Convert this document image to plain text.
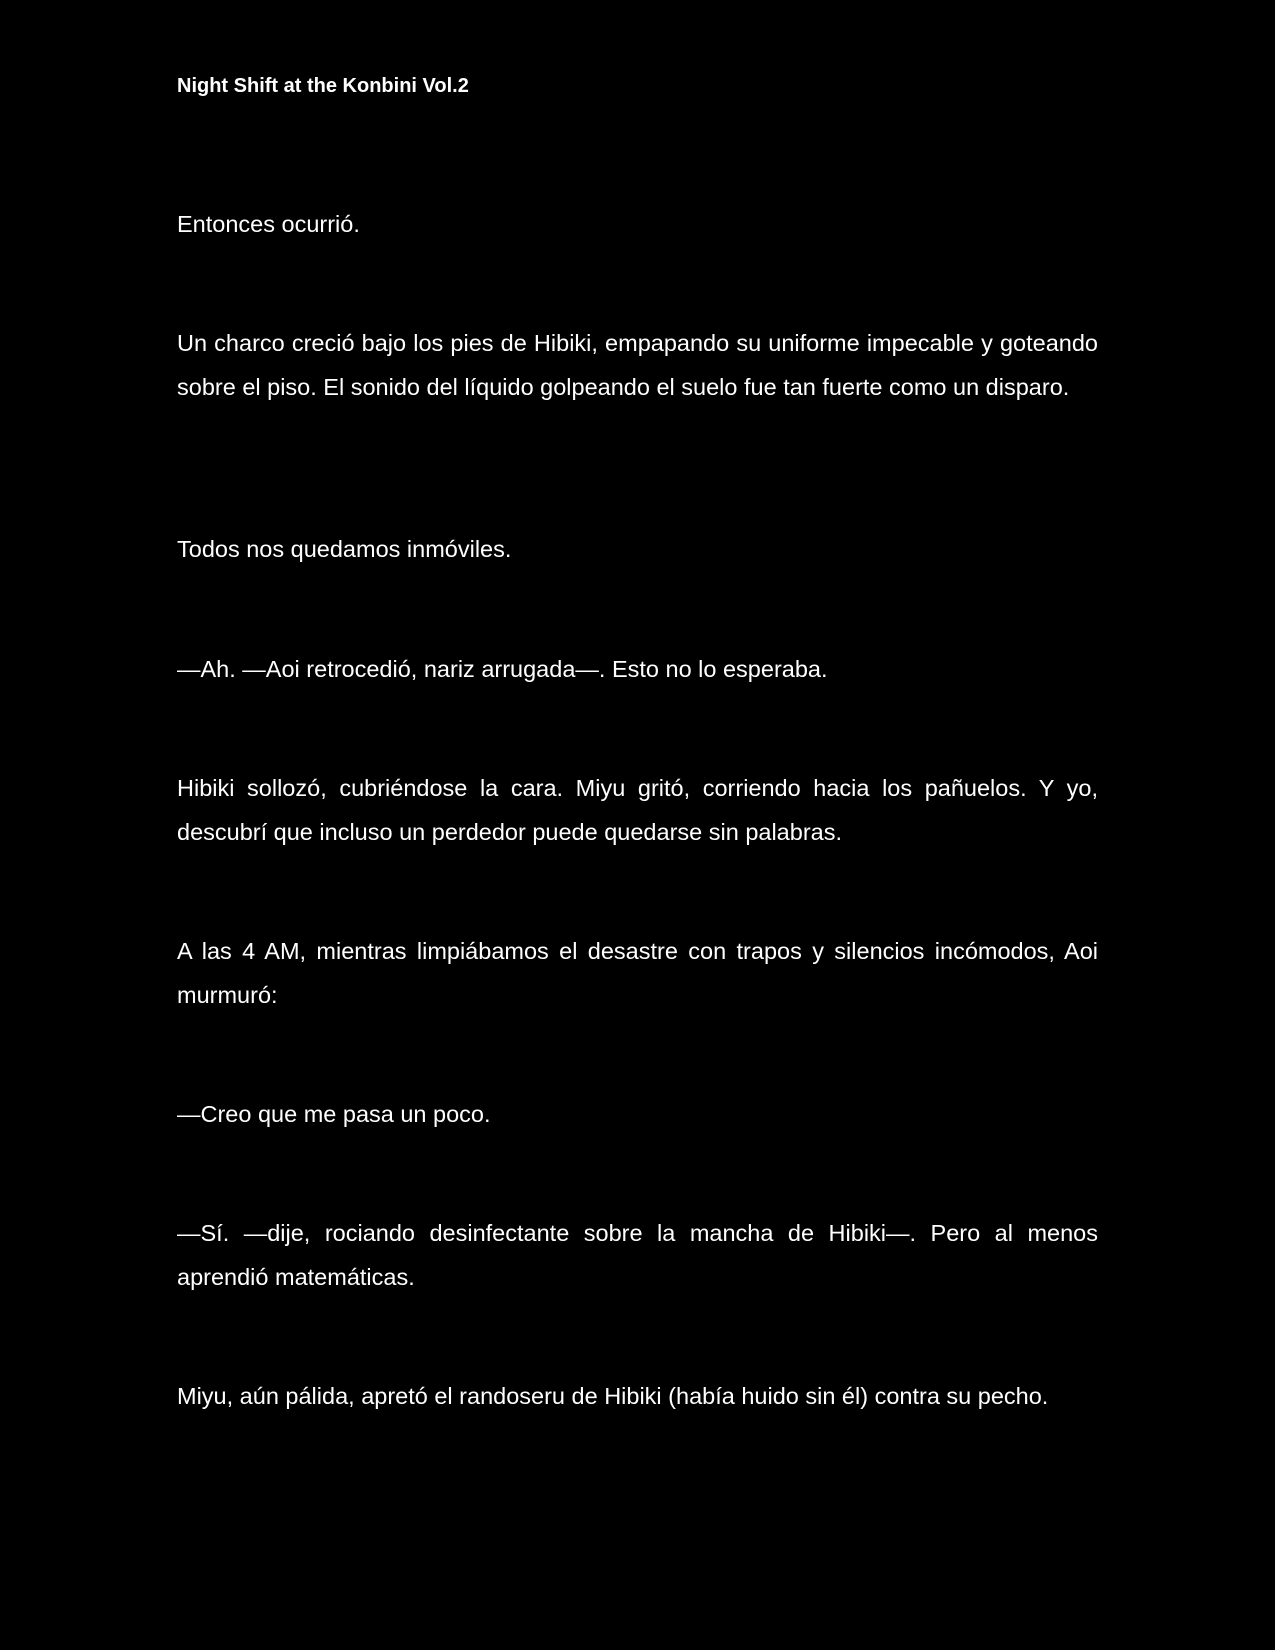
Night Shift at the Konbini Vol.2

Entonces ocurrió.

Un charco creció bajo los pies de Hibiki, empapando su uniforme impecable y goteando sobre el piso. El sonido del líquido golpeando el suelo fue tan fuerte como un disparo.

Todos nos quedamos inmóviles.

—Ah. —Aoi retrocedió, nariz arrugada—. Esto no lo esperaba.

Hibiki sollozó, cubriéndose la cara. Miyu gritó, corriendo hacia los pañuelos. Y yo, descubrí que incluso un perdedor puede quedarse sin palabras.

A las 4 AM, mientras limpiábamos el desastre con trapos y silencios incómodos, Aoi murmuró:

—Creo que me pasa un poco.

—Sí. —dije, rociando desinfectante sobre la mancha de Hibiki—. Pero al menos aprendió matemáticas.

Miyu, aún pálida, apretó el randoseru de Hibiki (había huido sin él) contra su pecho.
